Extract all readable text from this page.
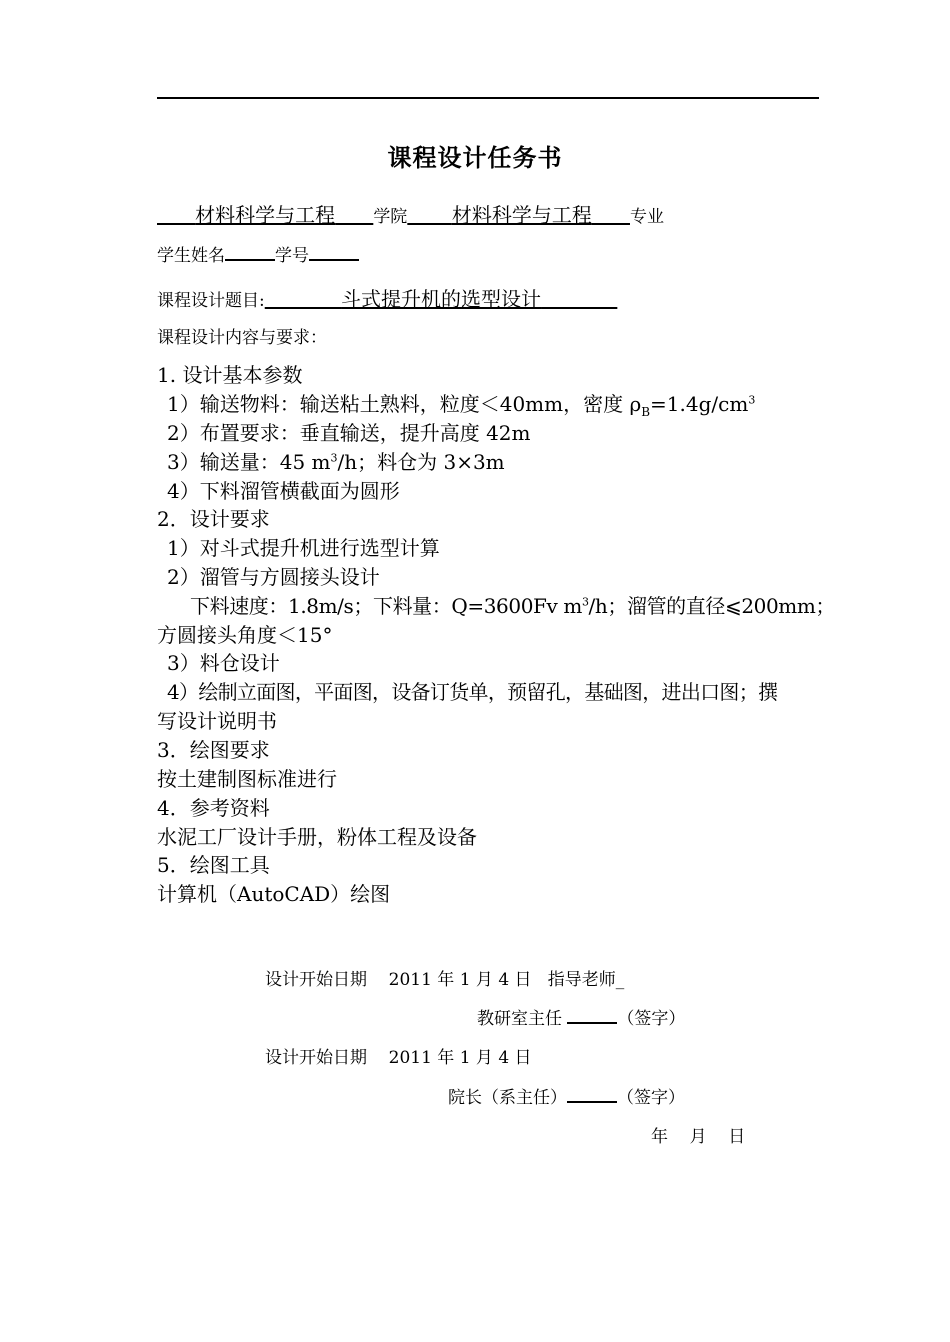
课程设计任务书
材料科学与工程 学院 材料科学与工程 专业
学生姓名	学号
课程设计题目:	斗式提升机的选型设计
课程设计内容与要求：
1. 设计基本参数
1）输送物料：输送粘土熟料，粒度＜40mm，密度 $\rho_B=1.4g/cm^3$
2）布置要求：垂直输送，提升高度 42m
3）输送量：45 $m^3/h$；料仓为 3×3m
4）下料溜管横截面为圆形
2．设计要求
1）对斗式提升机进行选型计算
2）溜管与方圆接头设计
下料速度：1.8m/s；下料量：Q=3600Fv $m^3/h$；溜管的直径⩽200mm；
方圆接头角度＜15°
3）料仓设计
4）绘制立面图，平面图，设备订货单，预留孔，基础图，进出口图；撰
写设计说明书
3．绘图要求
按土建制图标准进行
4．参考资料
水泥工厂设计手册，粉体工程及设备
5．绘图工具
计算机（AutoCAD）绘图
设计开始日期 2011 年 1 月 4 日 指导老师_
教研室主任	（签字）
设计开始日期 2011 年 1 月 4 日
院长（系主任）	（签字）
年    月    日
